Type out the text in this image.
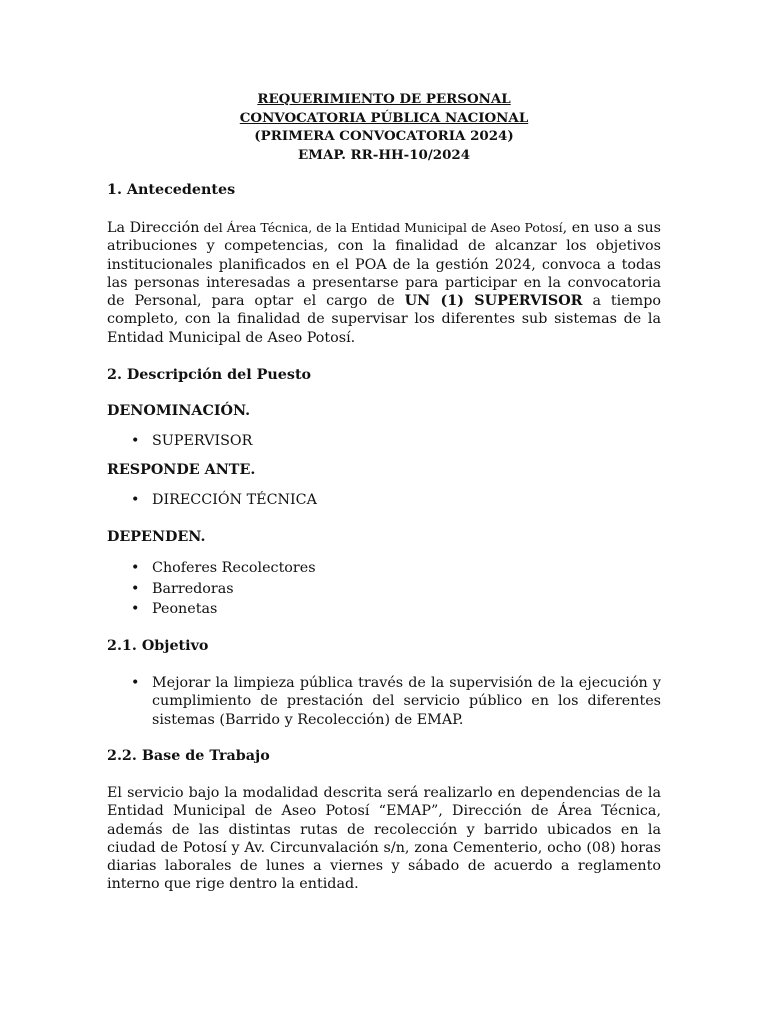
REQUERIMIENTO DE PERSONAL
CONVOCATORIA PÚBLICA NACIONAL
(PRIMERA CONVOCATORIA 2024)
EMAP. RR-HH-10/2024
1. Antecedentes

La Dirección del Área Técnica, de la Entidad Municipal de Aseo Potosí, en uso a sus atribuciones y competencias, con la finalidad de alcanzar los objetivos institucionales planificados en el POA de la gestión 2024, convoca a todas las personas interesadas a presentarse para participar en la convocatoria de Personal, para optar el cargo de UN (1) SUPERVISOR a tiempo completo, con la finalidad de supervisar los diferentes sub sistemas de la Entidad Municipal de Aseo Potosí.

2. Descripción del Puesto
DENOMINACIÓN.
• SUPERVISOR
RESPONDE ANTE.
• DIRECCIÓN TÉCNICA
DEPENDEN.
• Choferes Recolectores
• Barredoras
• Peonetas
2.1. Objetivo
• Mejorar la limpieza pública través de la supervisión de la ejecución y cumplimiento de prestación del servicio público en los diferentes sistemas (Barrido y Recolección) de EMAP.
2.2. Base de Trabajo

El servicio bajo la modalidad descrita será realizarlo en dependencias de la Entidad Municipal de Aseo Potosí “EMAP”, Dirección de Área Técnica, además de las distintas rutas de recolección y barrido ubicados en la ciudad de Potosí y Av. Circunvalación s/n, zona Cementerio, ocho (08) horas diarias laborales de lunes a viernes y sábado de acuerdo a reglamento interno que rige dentro la entidad.
